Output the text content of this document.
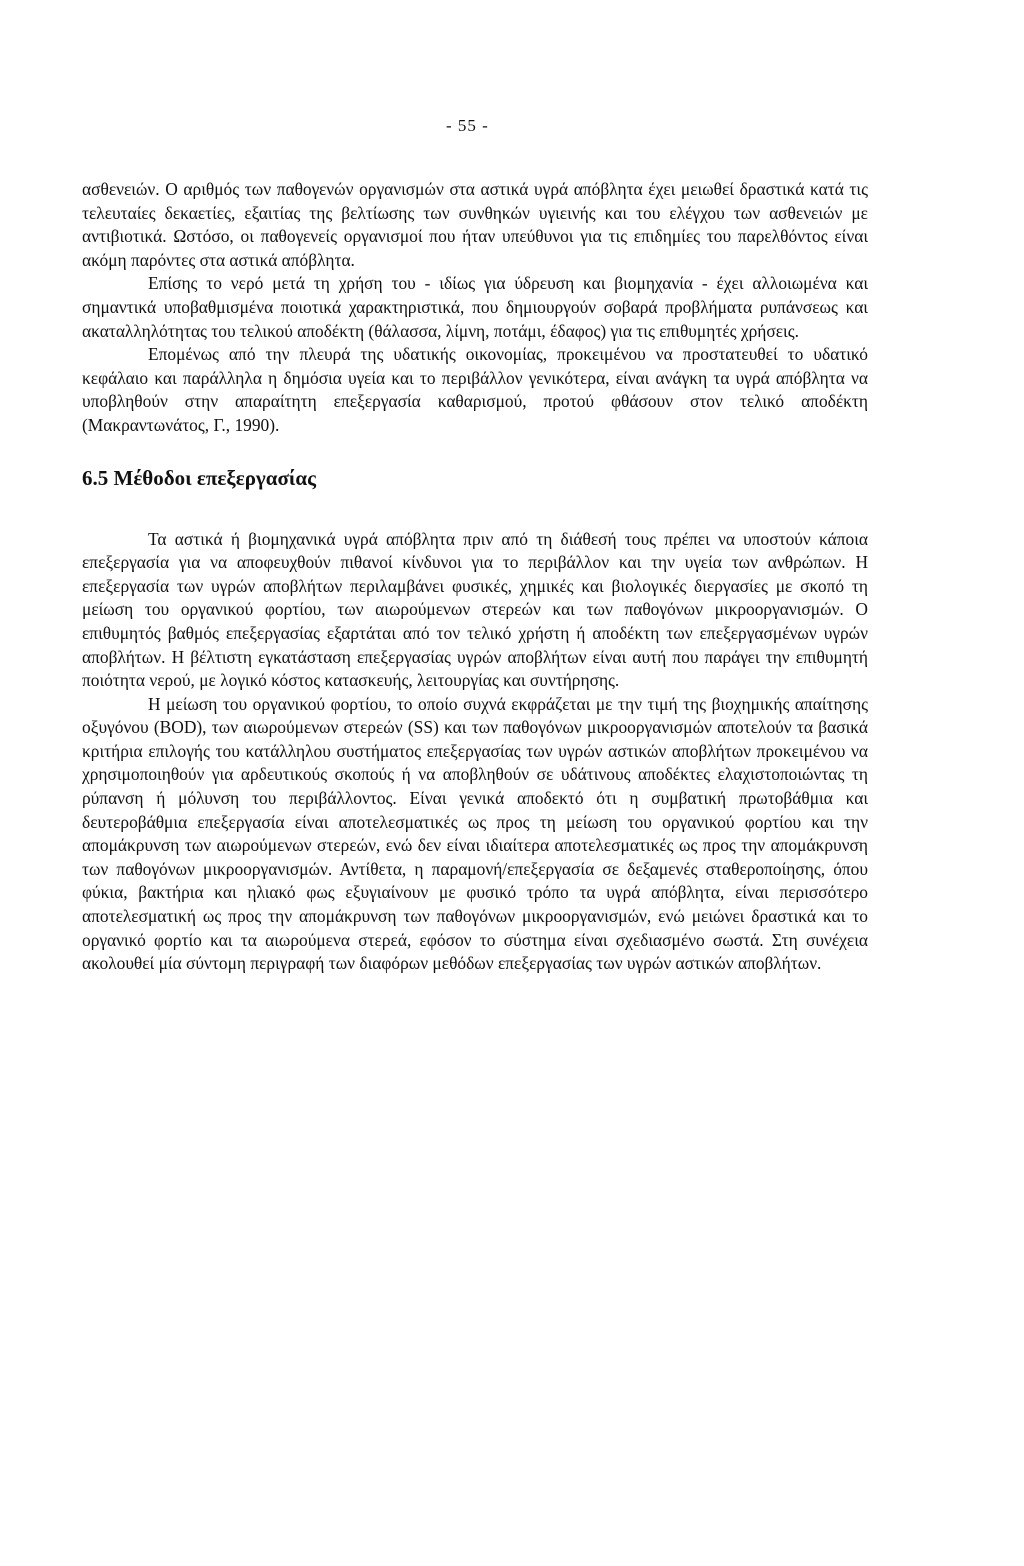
- 55 -

ασθενειών. Ο αριθμός των παθογενών οργανισμών στα αστικά υγρά απόβλητα έχει μειωθεί δραστικά κατά τις τελευταίες δεκαετίες, εξαιτίας της βελτίωσης των συνθηκών υγιεινής και του ελέγχου των ασθενειών με αντιβιοτικά. Ωστόσο, οι παθογενείς οργανισμοί που ήταν υπεύθυνοι για τις επιδημίες του παρελθόντος είναι ακόμη παρόντες στα αστικά απόβλητα.

Επίσης το νερό μετά τη χρήση του - ιδίως για ύδρευση και βιομηχανία - έχει αλλοιωμένα και σημαντικά υποβαθμισμένα ποιοτικά χαρακτηριστικά, που δημιουργούν σοβαρά προβλήματα ρυπάνσεως και ακαταλληλότητας του τελικού αποδέκτη (θάλασσα, λίμνη, ποτάμι, έδαφος) για τις επιθυμητές χρήσεις.

Επομένως από την πλευρά της υδατικής οικονομίας, προκειμένου να προστατευθεί το υδατικό κεφάλαιο και παράλληλα η δημόσια υγεία και το περιβάλλον γενικότερα, είναι ανάγκη τα υγρά απόβλητα να υποβληθούν στην απαραίτητη επεξεργασία καθαρισμού, προτού φθάσουν στον τελικό αποδέκτη (Μακραντωνάτος, Γ., 1990).

6.5 Μέθοδοι επεξεργασίας

Τα αστικά ή βιομηχανικά υγρά απόβλητα πριν από τη διάθεσή τους πρέπει να υποστούν κάποια επεξεργασία για να αποφευχθούν πιθανοί κίνδυνοι για το περιβάλλον και την υγεία των ανθρώπων. Η επεξεργασία των υγρών αποβλήτων περιλαμβάνει φυσικές, χημικές και βιολογικές διεργασίες με σκοπό τη μείωση του οργανικού φορτίου, των αιωρούμενων στερεών και των παθογόνων μικροοργανισμών. Ο επιθυμητός βαθμός επεξεργασίας εξαρτάται από τον τελικό χρήστη ή αποδέκτη των επεξεργασμένων υγρών αποβλήτων. Η βέλτιστη εγκατάσταση επεξεργασίας υγρών αποβλήτων είναι αυτή που παράγει την επιθυμητή ποιότητα νερού, με λογικό κόστος κατασκευής, λειτουργίας και συντήρησης.

Η μείωση του οργανικού φορτίου, το οποίο συχνά εκφράζεται με την τιμή της βιοχημικής απαίτησης οξυγόνου (BOD), των αιωρούμενων στερεών (SS) και των παθογόνων μικροοργανισμών αποτελούν τα βασικά κριτήρια επιλογής του κατάλληλου συστήματος επεξεργασίας των υγρών αστικών αποβλήτων προκειμένου να χρησιμοποιηθούν για αρδευτικούς σκοπούς ή να αποβληθούν σε υδάτινους αποδέκτες ελαχιστοποιώντας τη ρύπανση ή μόλυνση του περιβάλλοντος. Είναι γενικά αποδεκτό ότι η συμβατική πρωτοβάθμια και δευτεροβάθμια επεξεργασία είναι αποτελεσματικές ως προς τη μείωση του οργανικού φορτίου και την απομάκρυνση των αιωρούμενων στερεών, ενώ δεν είναι ιδιαίτερα αποτελεσματικές ως προς την απομάκρυνση των παθογόνων μικροοργανισμών. Αντίθετα, η παραμονή/επεξεργασία σε δεξαμενές σταθεροποίησης, όπου φύκια, βακτήρια και ηλιακό φως εξυγιαίνουν με φυσικό τρόπο τα υγρά απόβλητα, είναι περισσότερο αποτελεσματική ως προς την απομάκρυνση των παθογόνων μικροοργανισμών, ενώ μειώνει δραστικά και το οργανικό φορτίο και τα αιωρούμενα στερεά, εφόσον το σύστημα είναι σχεδιασμένο σωστά. Στη συνέχεια ακολουθεί μία σύντομη περιγραφή των διαφόρων μεθόδων επεξεργασίας των υγρών αστικών αποβλήτων.
